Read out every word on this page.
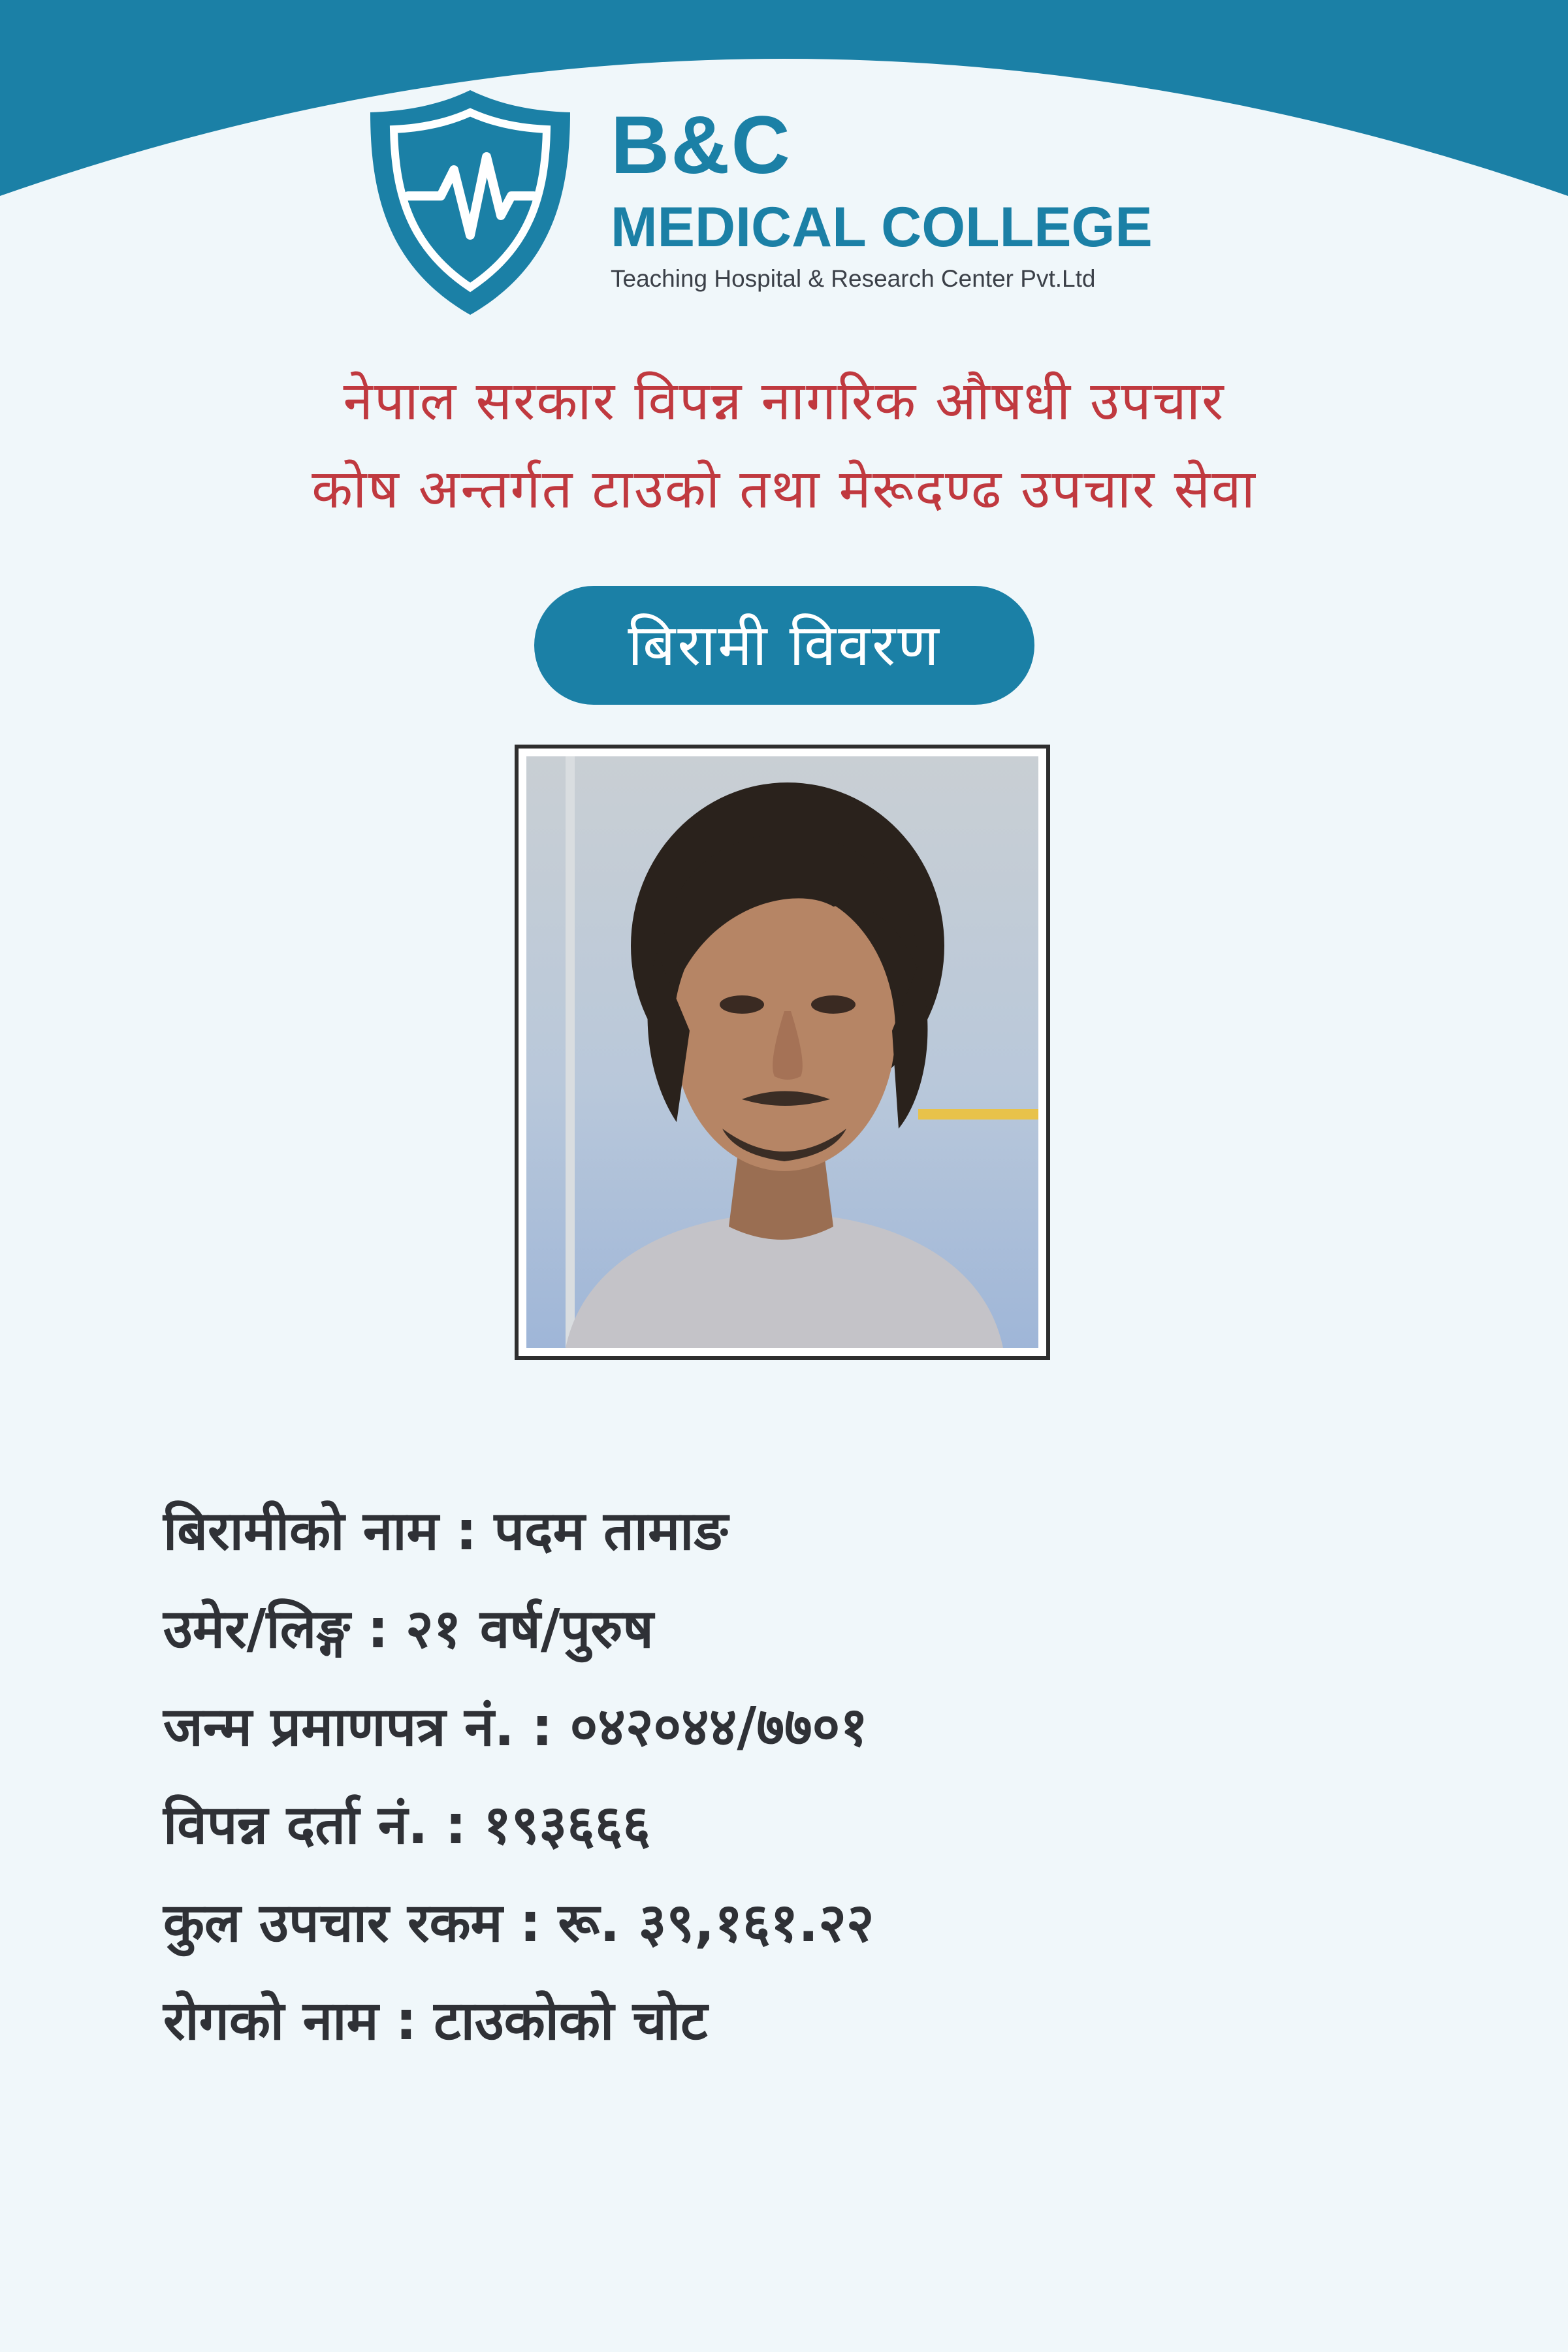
B&C
MEDICAL COLLEGE
Teaching Hospital & Research Center Pvt.Ltd
नेपाल सरकार विपन्न नागरिक औषधी उपचार
कोष अन्तर्गत टाउको तथा मेरूदण्ढ उपचार सेवा
बिरामी विवरण
बिरामीको नाम : पदम तामाङ
उमेर/लिङ्ग : २१ वर्ष/पुरुष
जन्म प्रमाणपत्र नं. : ०४२०४४/७७०१
विपन्न दर्ता नं. : १९३६६६
कुल उपचार रकम : रू. ३९,१६१.२२
रोगको नाम : टाउकोको चोट
